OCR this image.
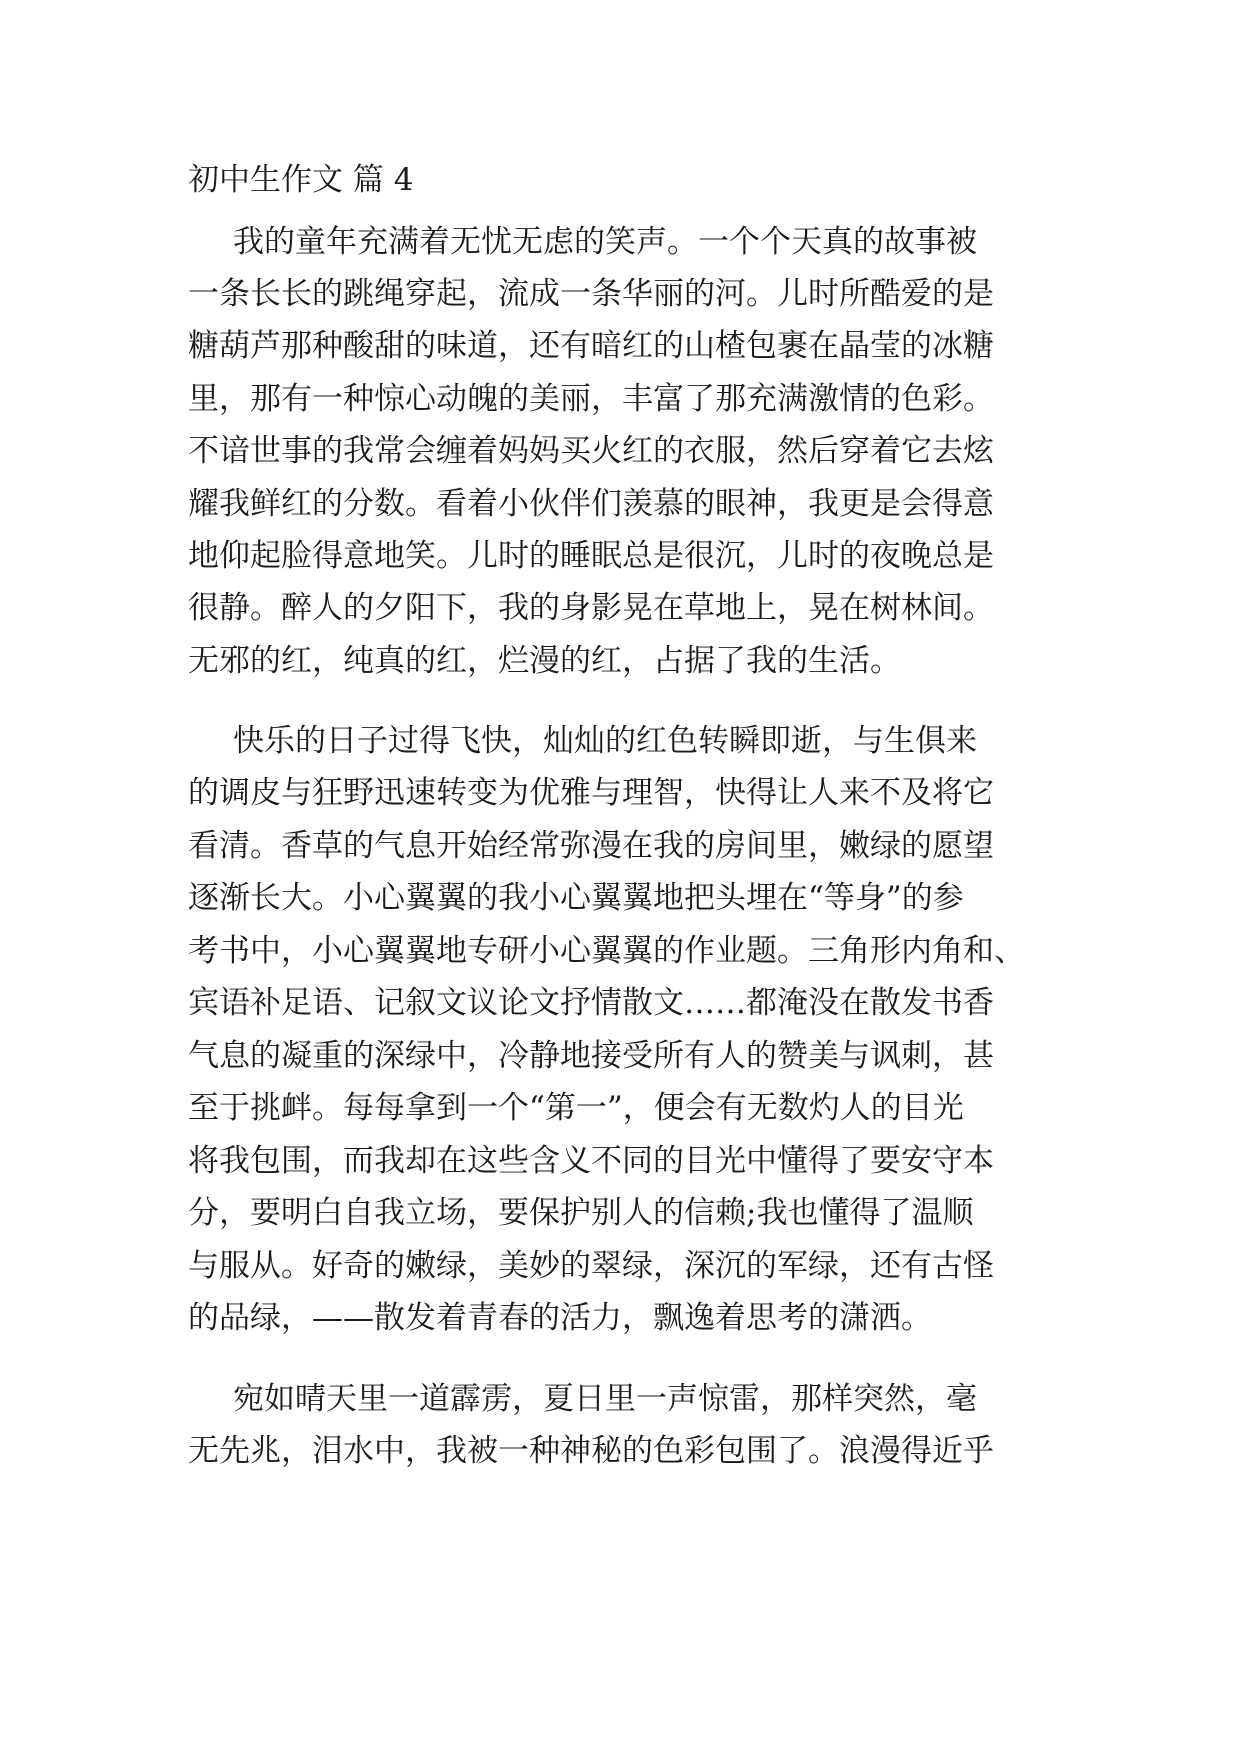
初中生作文 篇 4
我的童年充满着无忧无虑的笑声。一个个天真的故事被
一条长长的跳绳穿起，流成一条华丽的河。儿时所酷爱的是
糖葫芦那种酸甜的味道，还有暗红的山楂包裹在晶莹的冰糖
里，那有一种惊心动魄的美丽，丰富了那充满激情的色彩。
不谙世事的我常会缠着妈妈买火红的衣服，然后穿着它去炫
耀我鲜红的分数。看着小伙伴们羡慕的眼神，我更是会得意
地仰起脸得意地笑。儿时的睡眠总是很沉，儿时的夜晚总是
很静。醉人的夕阳下，我的身影晃在草地上，晃在树林间。
无邪的红，纯真的红，烂漫的红，占据了我的生活。
快乐的日子过得飞快，灿灿的红色转瞬即逝，与生俱来
的调皮与狂野迅速转变为优雅与理智，快得让人来不及将它
看清。香草的气息开始经常弥漫在我的房间里，嫩绿的愿望
逐渐长大。小心翼翼的我小心翼翼地把头埋在“等身”的参
考书中，小心翼翼地专研小心翼翼的作业题。三角形内角和、
宾语补足语、记叙文议论文抒情散文……都淹没在散发书香
气息的凝重的深绿中，冷静地接受所有人的赞美与讽刺，甚
至于挑衅。每每拿到一个“第一”，便会有无数灼人的目光
将我包围，而我却在这些含义不同的目光中懂得了要安守本
分，要明白自我立场，要保护别人的信赖;我也懂得了温顺
与服从。好奇的嫩绿，美妙的翠绿，深沉的军绿，还有古怪
的品绿，——散发着青春的活力，飘逸着思考的潇洒。
宛如晴天里一道霹雳，夏日里一声惊雷，那样突然，毫
无先兆，泪水中，我被一种神秘的色彩包围了。浪漫得近乎
